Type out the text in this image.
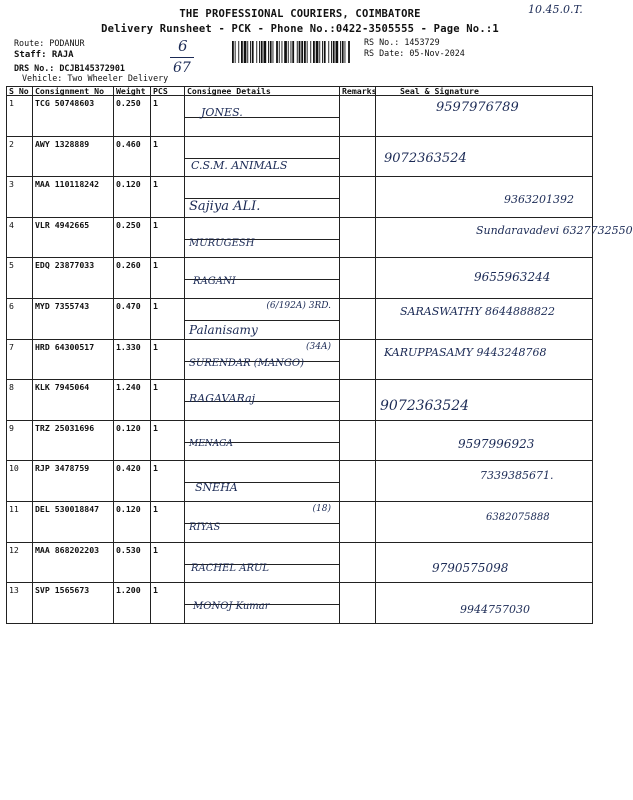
10.45.0.T.
THE PROFESSIONAL COURIERS, COIMBATORE
Delivery Runsheet - PCK - Phone No.:0422-3505555 - Page No.:1
Route: PODANUR
Staff: RAJA
DRS No.: DCJB145372901
Vehicle: Two Wheeler Delivery
6
67
RS No.: 1453729
RS Date: 05-Nov-2024
S No	Consignment No	Weight	PCS	Consignee Details	Remarks	Seal & Signature

1	TCG 50748603	0.250	1	JONES.		9597976789

2	AWY 1328889	0.460	1	C.S.M. ANIMALS		9072363524

3	MAA 110118242	0.120	1	Sajiya ALI.		9363201392

4	VLR 4942665	0.250	1	MURUGESH		Sundaravadevi 6327732550

5	EDQ 23877033	0.260	1	RAGANI		9655963244

6	MYD 7355743	0.470	1	Palanisamy
(6/192A) 3RD.		SARASWATHY 8644888822

7	HRD 64300517	1.330	1	SURENDAR (MANGO)
(34A)		KARUPPASAMY 9443248768

8	KLK 7945064	1.240	1	RAGAVARaj		9072363524

9	TRZ 25031696	0.120	1	MENAGA		9597996923

10	RJP 3478759	0.420	1	SNEHA		7339385671.

11	DEL 530018847	0.120	1	RIYAS
(18)		6382075888

12	MAA 868202203	0.530	1	RACHEL ARUL		9790575098

13	SVP 1565673	1.200	1	MONOJ Kumar		9944757030
